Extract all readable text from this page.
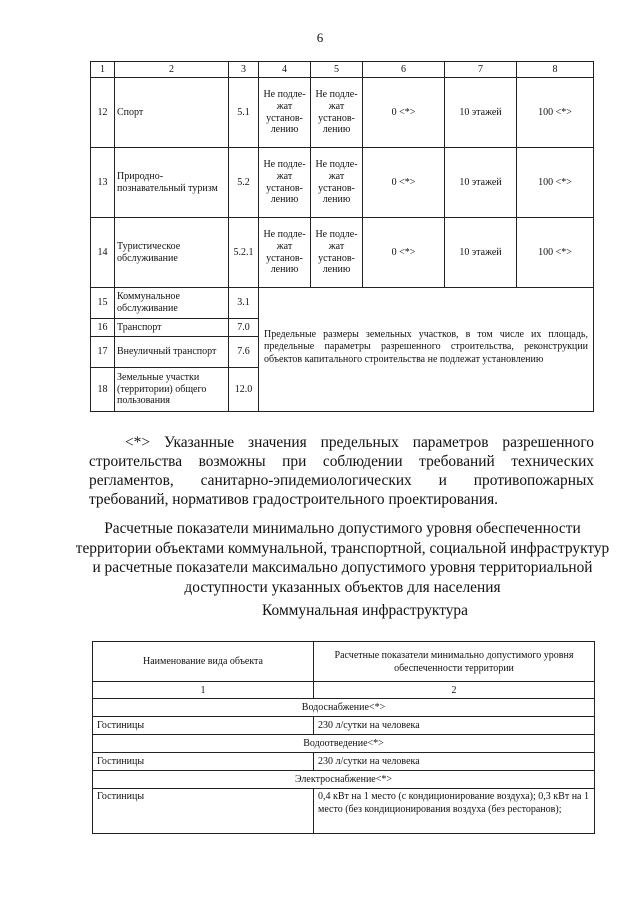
6
1	2	3	4	5	6	7	8
12	Спорт	5.1	Не подле-жат установ-лению	Не подле-жат установ-лению	0 <*>	10 этажей	100 <*>
13	Природно-познавательный туризм	5.2	Не подле-жат установ-лению	Не подле-жат установ-лению	0 <*>	10 этажей	100 <*>
14	Туристическое обслуживание	5.2.1	Не подле-жат установ-лению	Не подле-жат установ-лению	0 <*>	10 этажей	100 <*>
15	Коммунальное обслуживание	3.1	Предельные размеры земельных участков, в том числе их площадь, предельные параметры разрешенного строительства, реконструкции объектов капитального строительства не подлежат установлению				
16	Транспорт	7.0					
17	Внеуличный транспорт	7.6					
18	Земельные участки (территории) общего пользования	12.0					

<*> Указанные значения предельных параметров разрешенного строительства возможны при соблюдении требований технических регламентов, санитарно-эпидемиологических и противопожарных требований, нормативов градостроительного проектирования.

Расчетные показатели минимально допустимого уровня обеспеченности территории объектами коммунальной, транспортной, социальной инфраструктур и расчетные показатели максимально допустимого уровня территориальной доступности указанных объектов для населения
Коммунальная инфраструктура
Наименование вида объекта	Расчетные показатели минимально допустимого уровня обеспеченности территории
1	2
Водоснабжение<*>	
Гостиницы	230 л/сутки на человека
Водоотведение<*>	
Гостиницы	230 л/сутки на человека
Электроснабжение<*>	
Гостиницы	0,4 кВт на 1 место (с кондиционирование воздуха); 0,3 кВт на 1 место (без кондиционирования воздуха (без ресторанов);
